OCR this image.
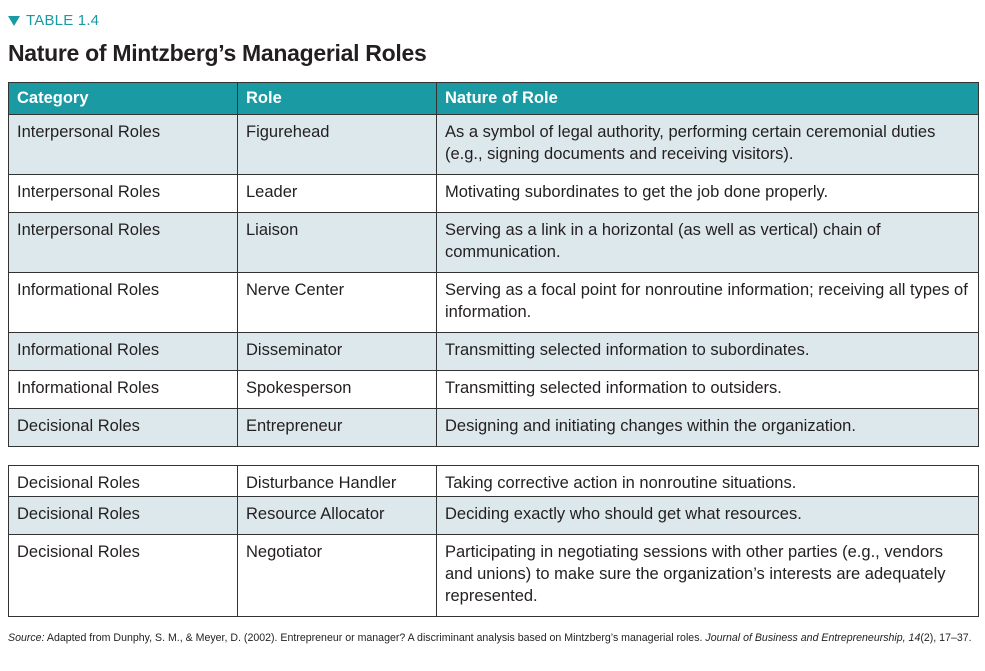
TABLE 1.4
Nature of Mintzberg’s Managerial Roles
Category	Role	Nature of Role
Interpersonal Roles	Figurehead	As a symbol of legal authority, performing certain ceremonial duties (e.g., signing documents and receiving visitors).
Interpersonal Roles	Leader	Motivating subordinates to get the job done properly.
Interpersonal Roles	Liaison	Serving as a link in a horizontal (as well as vertical) chain of communication.
Informational Roles	Nerve Center	Serving as a focal point for nonroutine information; receiving all types of information.
Informational Roles	Disseminator	Transmitting selected information to subordinates.
Informational Roles	Spokesperson	Transmitting selected information to outsiders.
Decisional Roles	Entrepreneur	Designing and initiating changes within the organization.
Decisional Roles	Disturbance Handler	Taking corrective action in nonroutine situations.
Decisional Roles	Resource Allocator	Deciding exactly who should get what resources.
Decisional Roles	Negotiator	Participating in negotiating sessions with other parties (e.g., vendors and unions) to make sure the organization’s interests are adequately represented.
Source: Adapted from Dunphy, S. M., & Meyer, D. (2002). Entrepreneur or manager? A discriminant analysis based on Mintzberg’s managerial roles. Journal of Business and Entrepreneurship, 14(2), 17–37.
